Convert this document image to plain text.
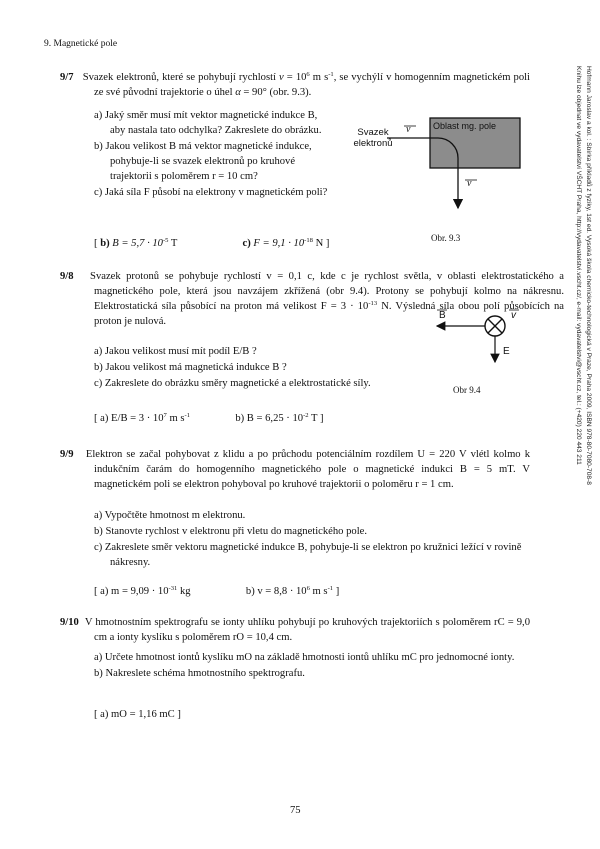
9. Magnetické pole
Hofmann Jaroslav a kol. : Sbírka příkladů z fyziky, 1st ed. Vysoká škola chemicko-technologická v Praze, Praha 2009, ISBN 978-80-7080-708-8
Knihu lze objednat ve vydavatelství VŠCHT Praha, http://vydavatelstvi.vscht.cz/, e-mail: vydavatelstvi@vscht.cz, tel.: (+420) 220 443 211
9/7 Svazek elektronů, které se pohybují rychlostí $v = 10^6$ m $s^{-1}$, se vychýlí v homogenním magnetickém poli ze své původní trajektorie o úhel α = 90° (obr. 9.3).

a) Jaký směr musí mít vektor magnetické indukce B, aby nastala tato odchylka? Zakreslete do obrázku.

b) Jakou velikost B má vektor magnetické indukce, pohybuje-li se svazek elektronů po kruhové trajektorii s poloměrem r = 10 cm?

c) Jaká síla F působí na elektrony v magnetickém poli?

[ b) $B = 5,7 \cdot 10^{-5}$ T	c) $F = 9,1 \cdot 10^{-18}$ N ]
Oblast mg. pole
Svazek elektronů
v
v
Obr. 9.3
9/8 Svazek protonů se pohybuje rychlostí v = 0,1 c, kde c je rychlost světla, v oblasti elektrostatického a magnetického pole, která jsou navzájem zkřížená (obr 9.4). Protony se pohybují kolmo na nákresnu. Elektrostatická síla působící na proton má velikost $F = 3 \cdot 10^{-13}$ N. Výsledná síla obou polí působících na proton je nulová.

a) Jakou velikost musí mít podíl E/B ?

b) Jakou velikost má magnetická indukce B ?

c) Zakreslete do obrázku směry magnetické a elektrostatické síly.

[ a) $E/B = 3 \cdot 10^7$ m $s^{-1}$	b) $B = 6,25 \cdot 10^{-2}$ T ]
B	v
E
Obr 9.4
9/9 Elektron se začal pohybovat z klidu a po průchodu potenciálním rozdílem U = 220 V vlétl kolmo k indukčním čarám do homogenního magnetického pole o magnetické indukci B = 5 mT. V magnetickém poli se elektron pohyboval po kruhové trajektorii o poloměru r = 1 cm.

a) Vypočtěte hmotnost m elektronu.

b) Stanovte rychlost v elektronu při vletu do magnetického pole.

c) Zakreslete směr vektoru magnetické indukce B, pohybuje-li se elektron po kružnici ležící v rovině nákresny.

[ a) $m = 9,09 \cdot 10^{-31}$ kg	b) $v = 8,8 \cdot 10^6$ m $s^{-1}$ ]
9/10 V hmotnostním spektrografu se ionty uhlíku pohybují po kruhových trajektoriích s poloměrem rC = 9,0 cm a ionty kyslíku s poloměrem rO = 10,4 cm.

a) Určete hmotnost iontů kyslíku mO na základě hmotnosti iontů uhlíku mC pro jednomocné ionty.

b) Nakreslete schéma hmotnostního spektrografu.

[ a) mO = 1,16 mC ]
75
